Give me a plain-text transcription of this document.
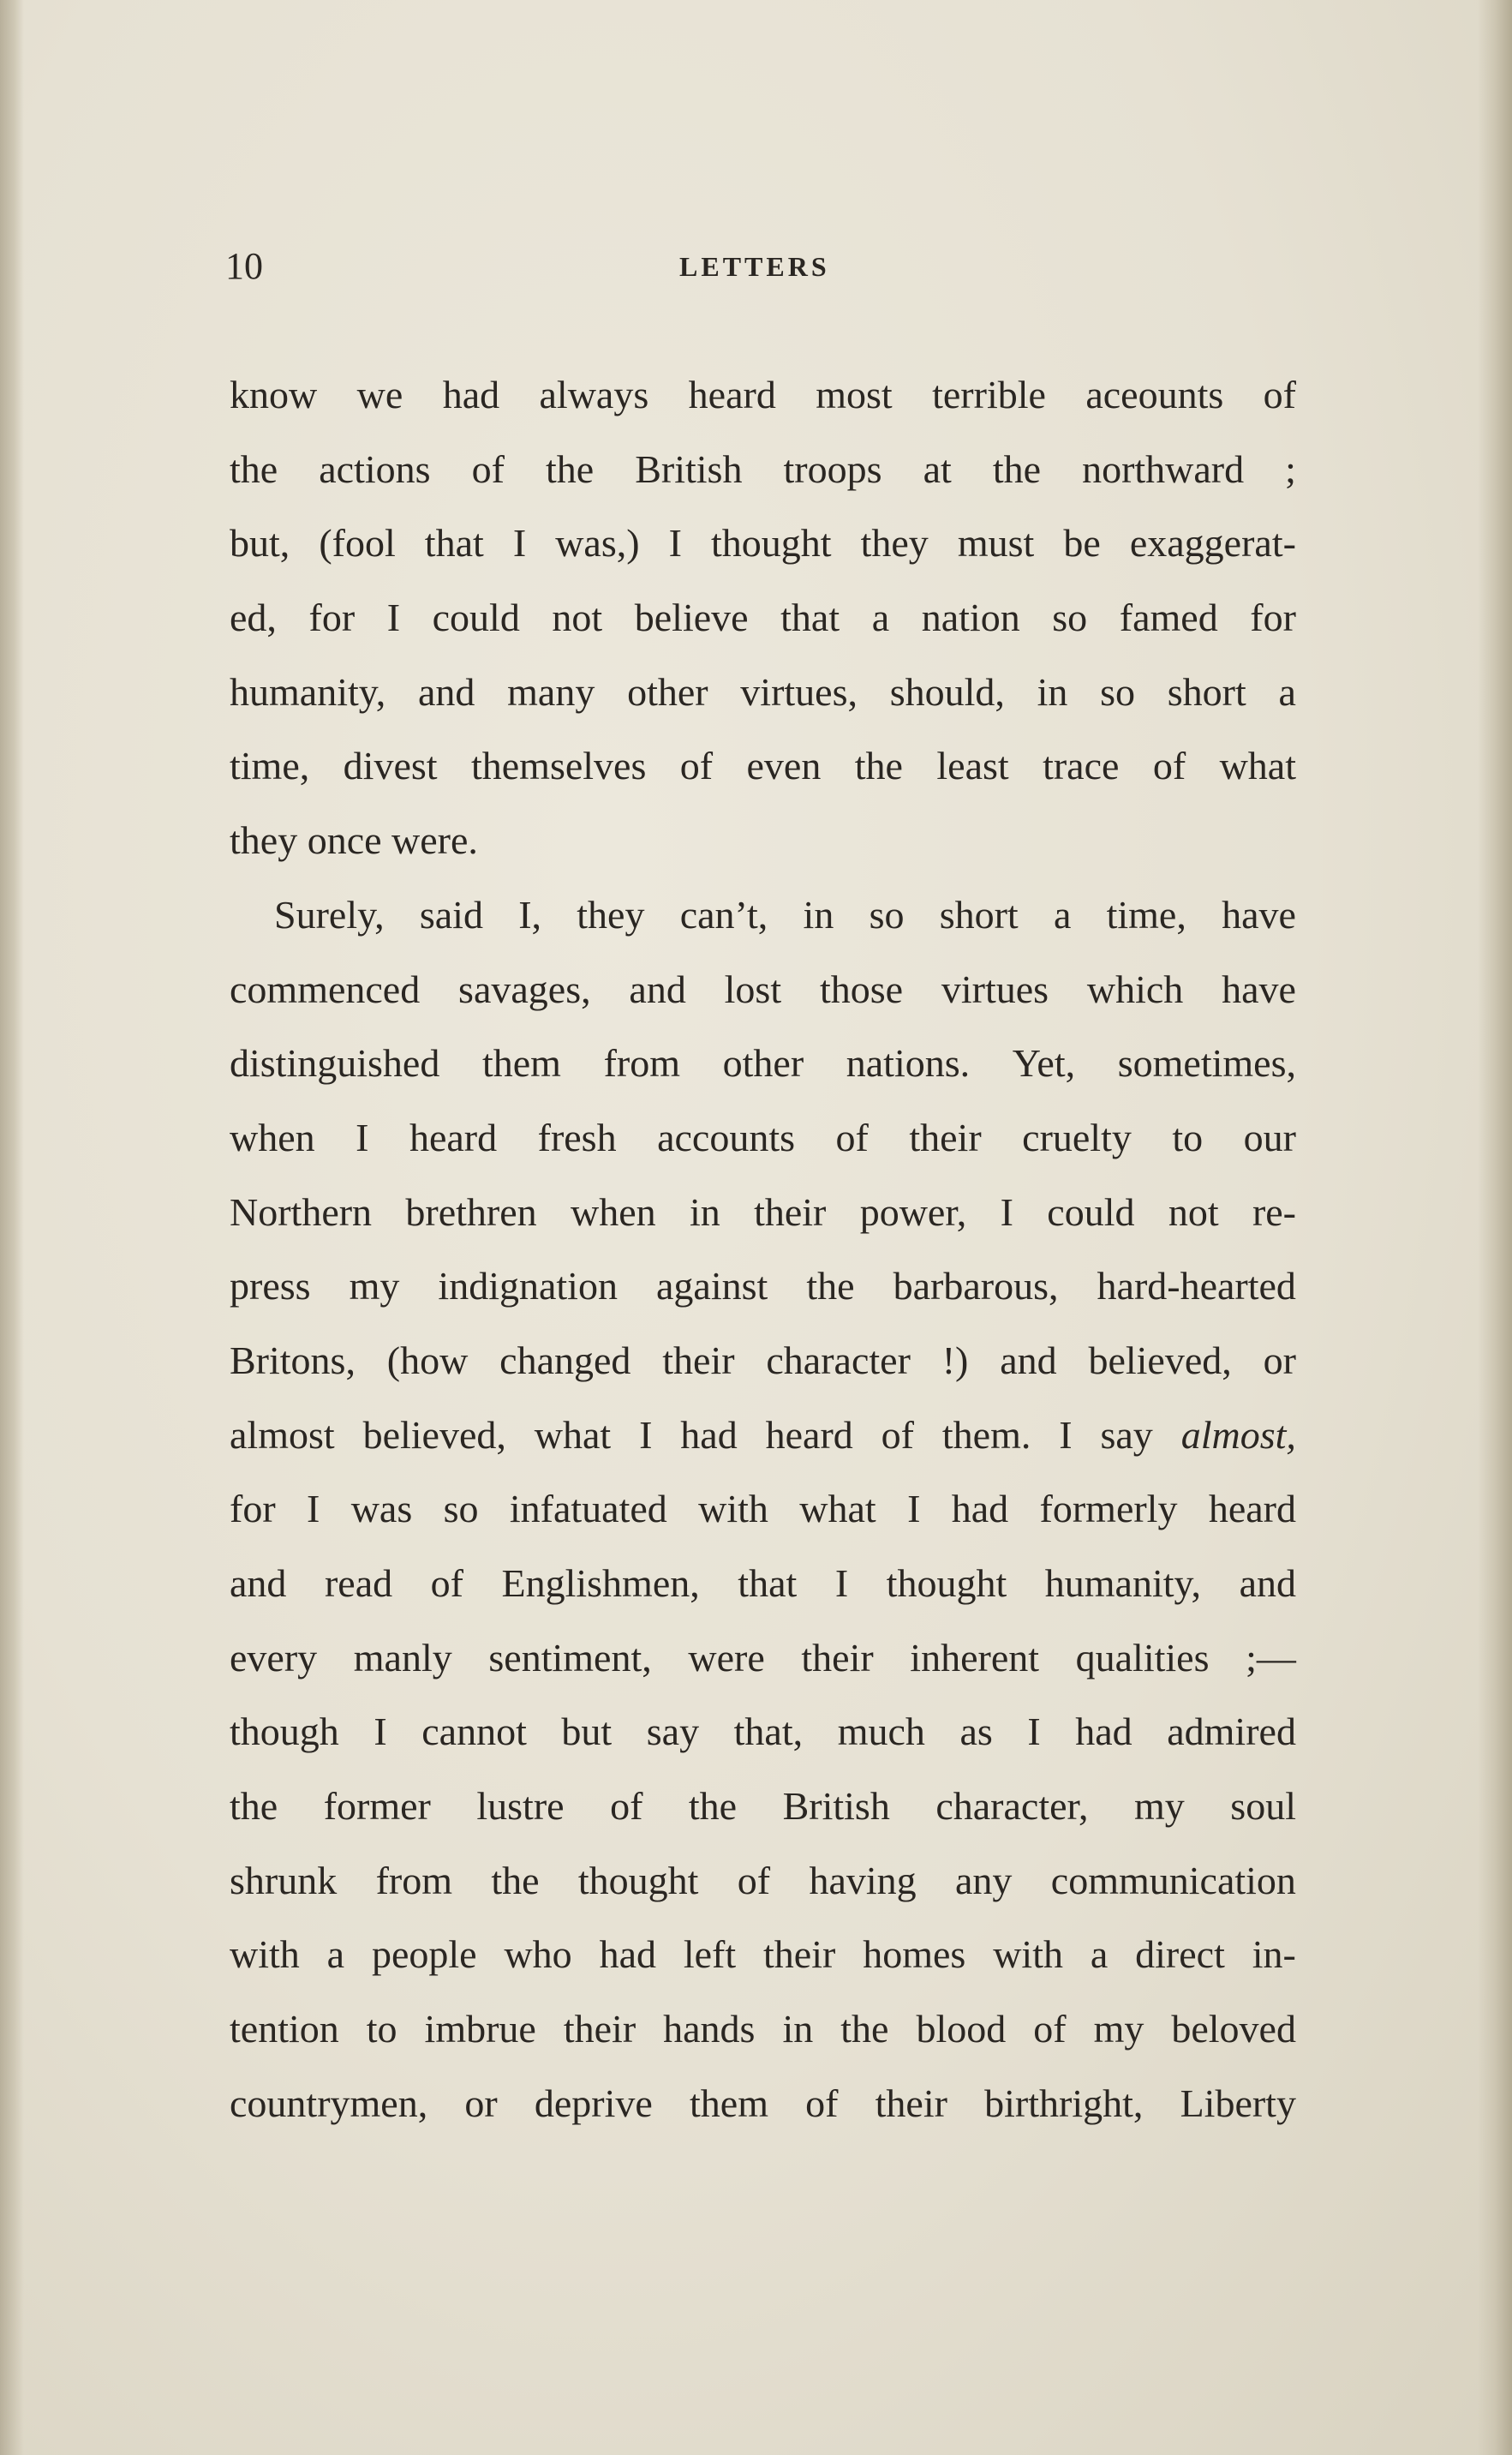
10	LETTERS
know we had always heard most terrible aceounts of
the actions of the British troops at the northward ;
but, (fool that I was,) I thought they must be exaggerat-
ed, for I could not believe that a nation so famed for
humanity, and many other virtues, should, in so short a
time, divest themselves of even the least trace of what
they once were.
Surely, said I, they can’t, in so short a time, have
commenced savages, and lost those virtues which have
distinguished them from other nations. Yet, sometimes,
when I heard fresh accounts of their cruelty to our
Northern brethren when in their power, I could not re-
press my indignation against the barbarous, hard-hearted
Britons, (how changed their character !) and believed, or
almost believed, what I had heard of them. I say almost,
for I was so infatuated with what I had formerly heard
and read of Englishmen, that I thought humanity, and
every manly sentiment, were their inherent qualities ;—
though I cannot but say that, much as I had admired
the former lustre of the British character, my soul
shrunk from the thought of having any communication
with a people who had left their homes with a direct in-
tention to imbrue their hands in the blood of my beloved
countrymen, or deprive them of their birthright, Liberty
